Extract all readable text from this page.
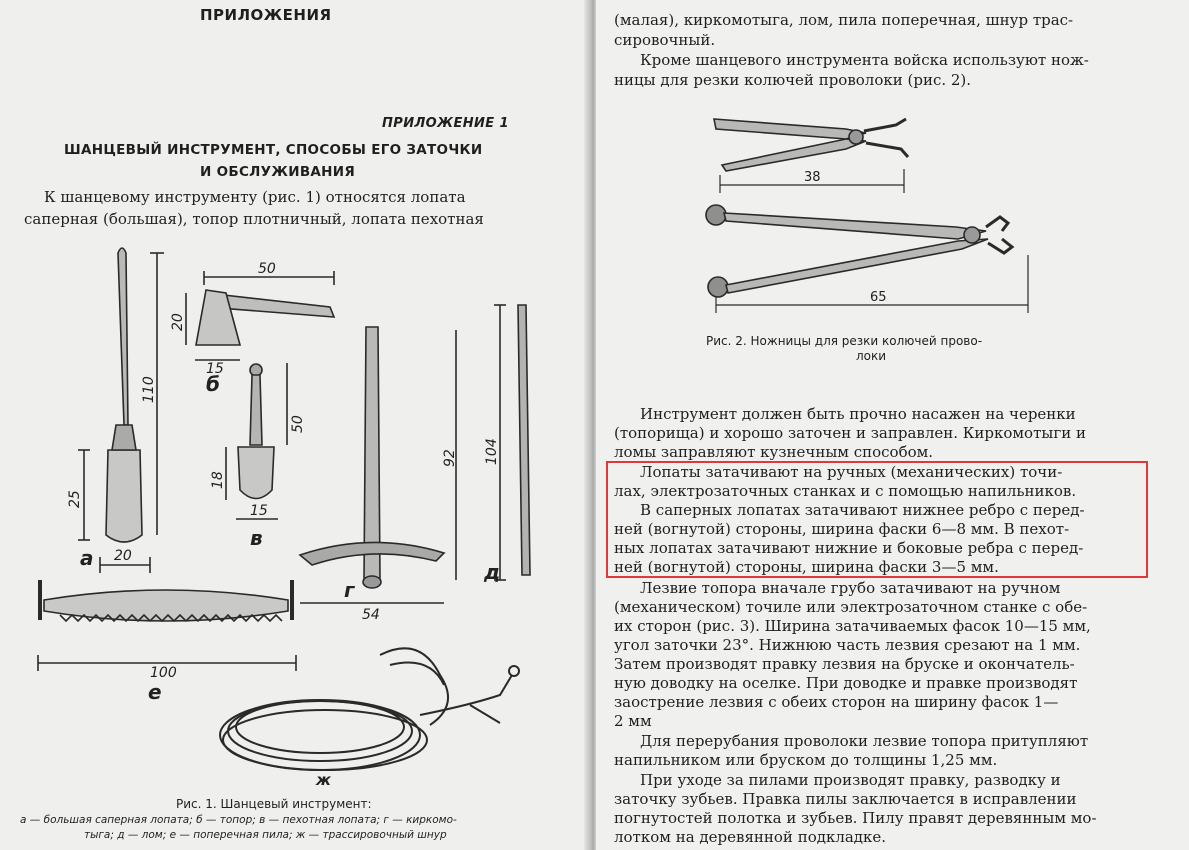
ПРИЛОЖЕНИЯ
ПРИЛОЖЕНИЕ 1
ШАНЦЕВЫЙ ИНСТРУМЕНТ, СПОСОБЫ ЕГО ЗАТОЧКИ
И ОБСЛУЖИВАНИЯ
К шанцевому инструменту (рис. 1) относятся лопата
саперная (большая), топор плотничный, лопата пехотная
110
25
20
50
20
15
50
18
15
92
54
104
100
а
б
в
г
д
е
ж
Рис. 1. Шанцевый инструмент:
а — большая саперная лопата; б — топор; в — пехотная лопата; г — киркомо-
тыга; д — лом; е — поперечная пила; ж — трассировочный шнур
(малая), киркомотыга, лом, пила поперечная, шнур трас-
сировочный.
Кроме шанцевого инструмента войска используют нож-
ницы для резки колючей проволоки (рис. 2).
38
65
Рис. 2. Ножницы для резки колючей прово-
локи
Инструмент должен быть прочно насажен на черенки
(топорища) и хорошо заточен и заправлен. Киркомотыги и
ломы заправляют кузнечным способом.
Лопаты затачивают на ручных (механических) точи-
лах, электрозаточных станках и с помощью напильников.
В саперных лопатах затачивают нижнее ребро с перед-
ней (вогнутой) стороны, ширина фаски 6—8 мм. В пехот-
ных лопатах затачивают нижние и боковые ребра с перед-
ней (вогнутой) стороны, ширина фаски 3—5 мм.
Лезвие топора вначале грубо затачивают на ручном
(механическом) точиле или электрозаточном станке с обе-
их сторон (рис. 3). Ширина затачиваемых фасок 10—15 мм,
угол заточки 23°. Нижнюю часть лезвия срезают на 1 мм.
Затем производят правку лезвия на бруске и окончатель-
ную доводку на оселке. При доводке и правке производят
заострение лезвия с обеих сторон на ширину фасок 1—
2 мм
Для перерубания проволоки лезвие топора притупляют
напильником или бруском до толщины 1,25 мм.
При уходе за пилами производят правку, разводку и
заточку зубьев. Правка пилы заключается в исправлении
погнутостей полотка и зубьев. Пилу правят деревянным мо-
лотком на деревянной подкладке.
